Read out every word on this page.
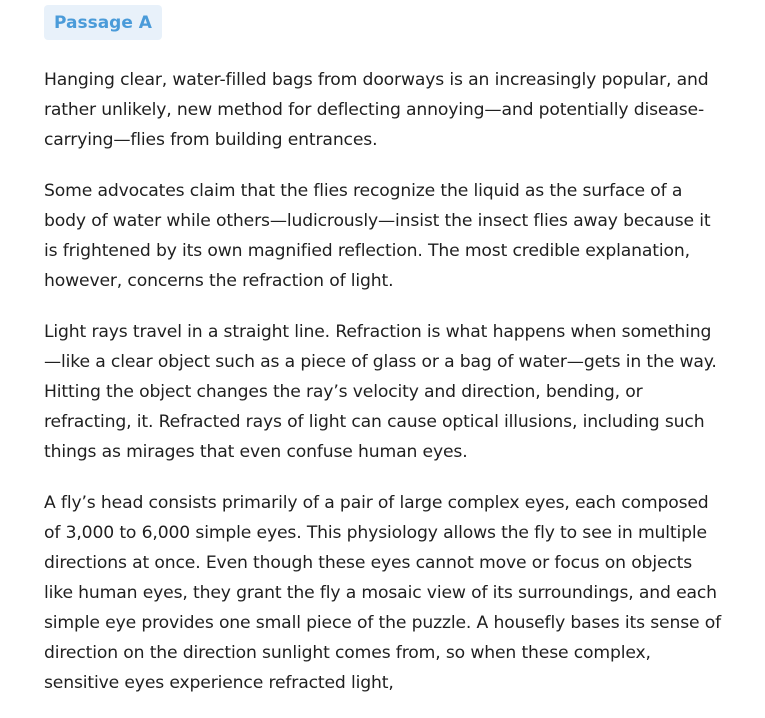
Passage A

Hanging clear, water-filled bags from doorways is an increasingly popular, and rather unlikely, new method for deflecting annoying—and potentially disease-carrying—flies from building entrances.

Some advocates claim that the flies recognize the liquid as the surface of a body of water while others—ludicrously—insist the insect flies away because it is frightened by its own magnified reflection. The most credible explanation, however, concerns the refraction of light.

Light rays travel in a straight line. Refraction is what happens when something—like a clear object such as a piece of glass or a bag of water—gets in the way. Hitting the object changes the ray’s velocity and direction, bending, or refracting, it. Refracted rays of light can cause optical illusions, including such things as mirages that even confuse human eyes.

A fly’s head consists primarily of a pair of large complex eyes, each composed of 3,000 to 6,000 simple eyes. This physiology allows the fly to see in multiple directions at once. Even though these eyes cannot move or focus on objects like human eyes, they grant the fly a mosaic view of its surroundings, and each simple eye provides one small piece of the puzzle. A housefly bases its sense of direction on the direction sunlight comes from, so when these complex, sensitive eyes experience refracted light,
